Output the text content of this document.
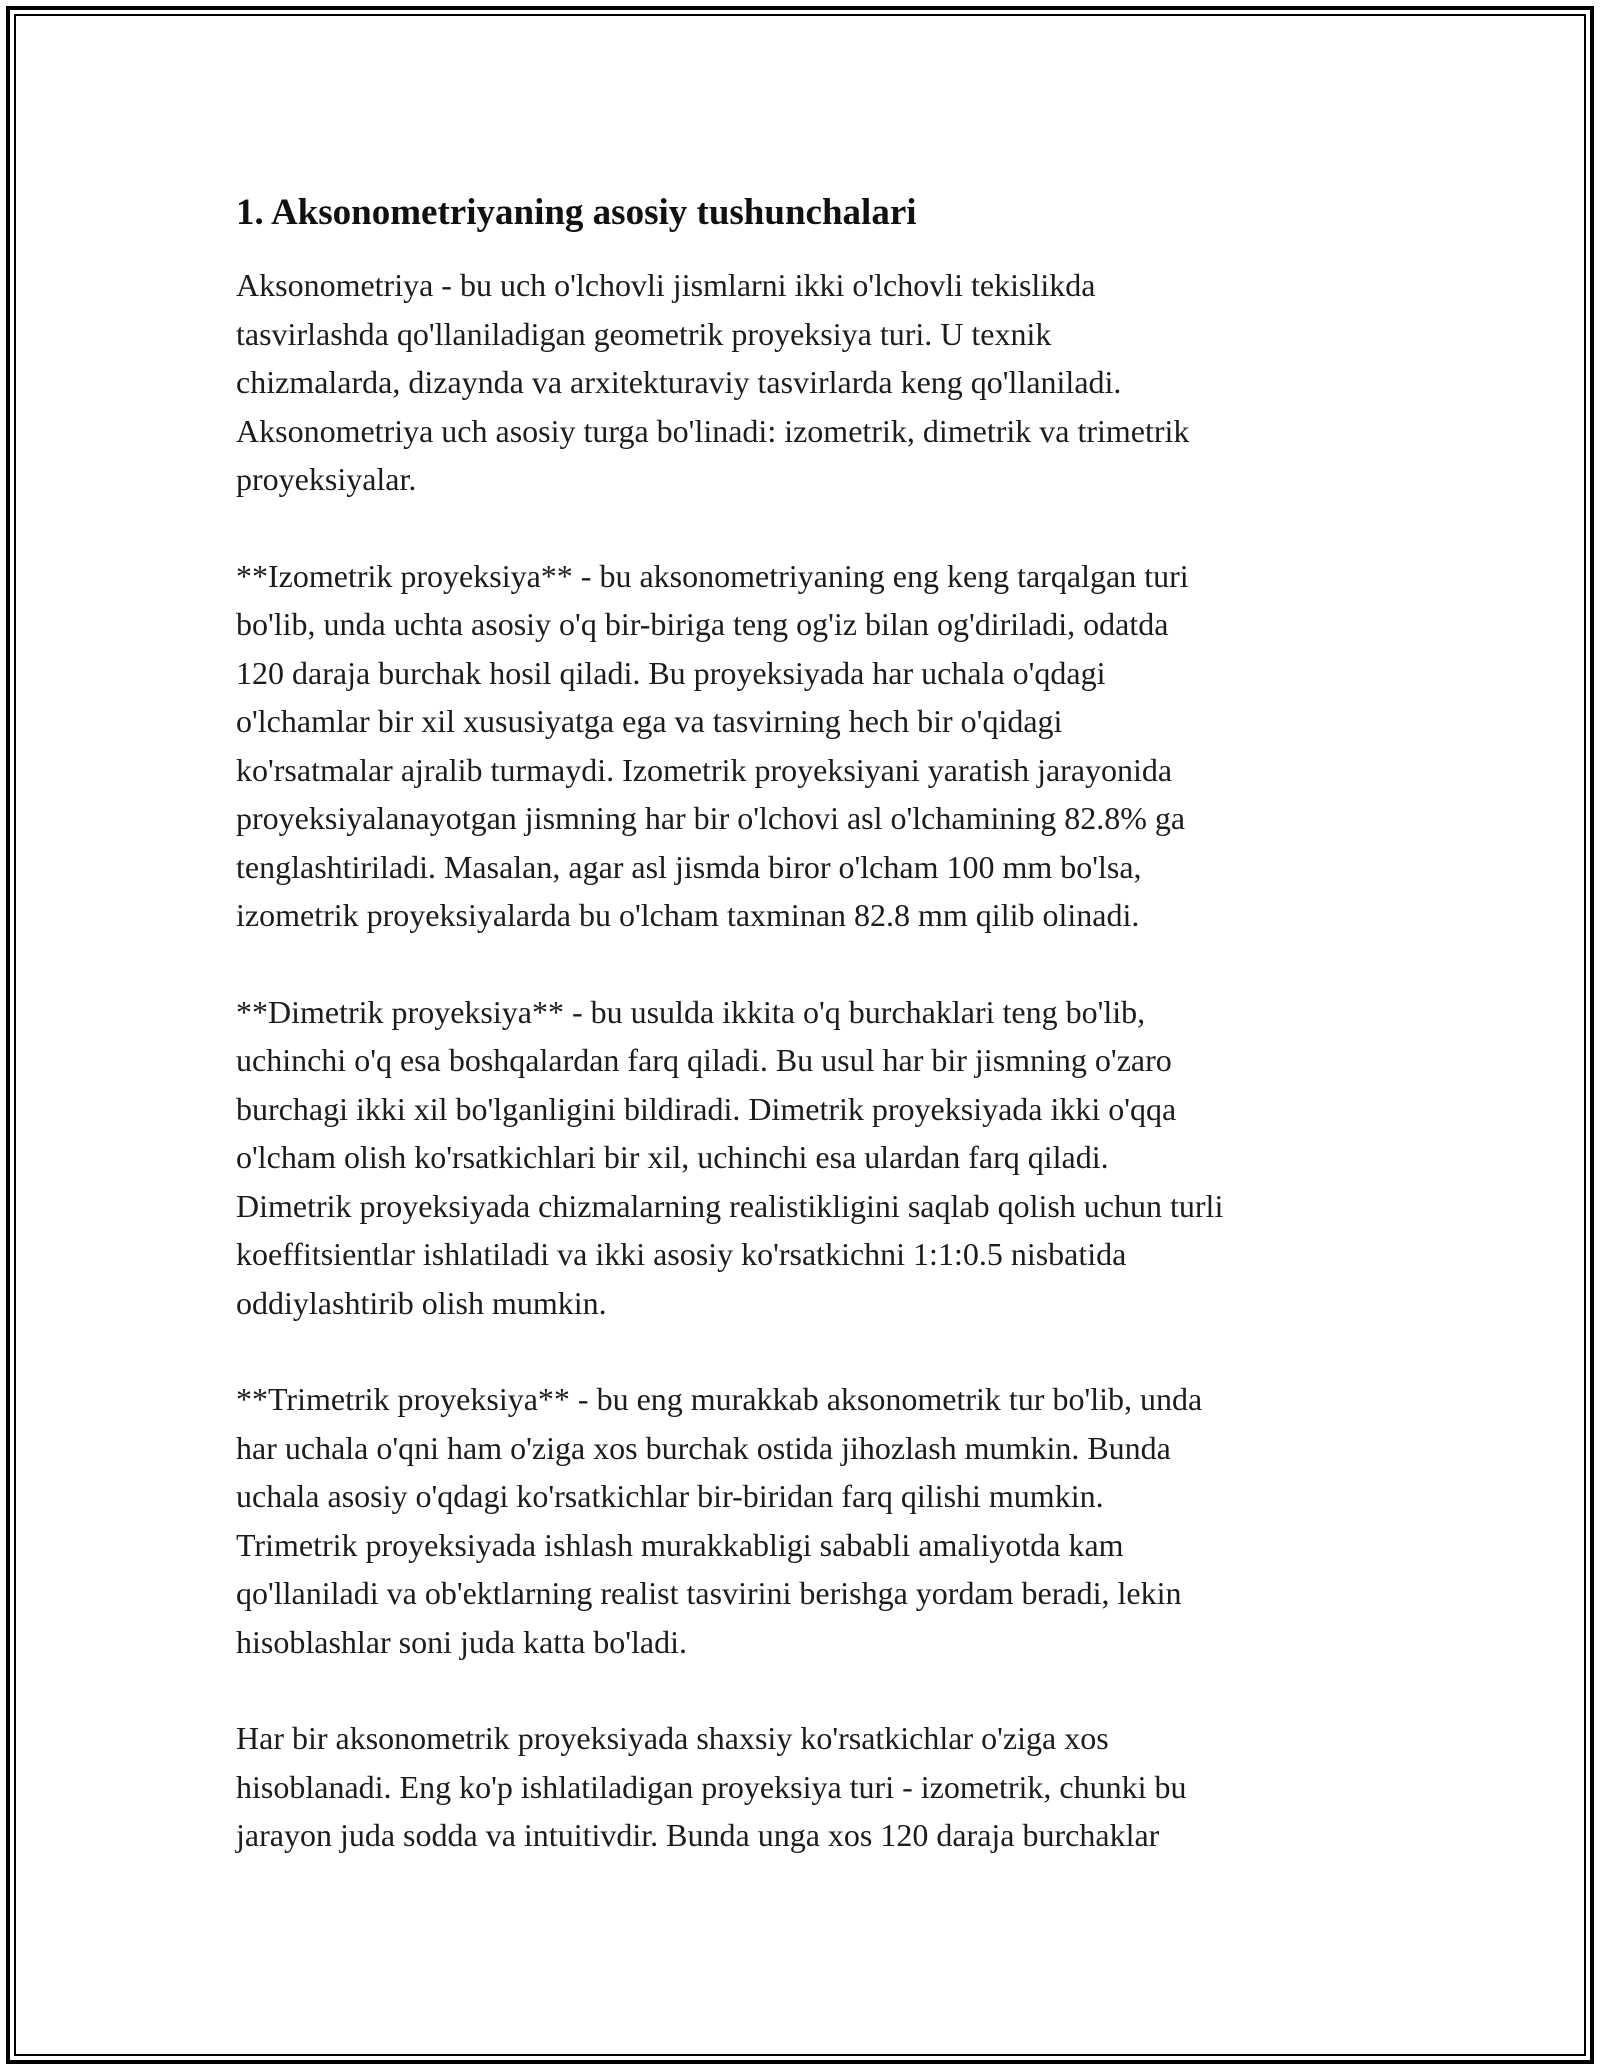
1. Aksonometriyaning asosiy tushunchalari

Aksonometriya - bu uch o'lchovli jismlarni ikki o'lchovli tekislikda
tasvirlashda qo'llaniladigan geometrik proyeksiya turi. U texnik
chizmalarda, dizaynda va arxitekturaviy tasvirlarda keng qo'llaniladi.
Aksonometriya uch asosiy turga bo'linadi: izometrik, dimetrik va trimetrik
proyeksiyalar.

**Izometrik proyeksiya** - bu aksonometriyaning eng keng tarqalgan turi
bo'lib, unda uchta asosiy o'q bir-biriga teng og'iz bilan og'diriladi, odatda
120 daraja burchak hosil qiladi. Bu proyeksiyada har uchala o'qdagi
o'lchamlar bir xil xususiyatga ega va tasvirning hech bir o'qidagi
ko'rsatmalar ajralib turmaydi. Izometrik proyeksiyani yaratish jarayonida
proyeksiyalanayotgan jismning har bir o'lchovi asl o'lchamining 82.8% ga
tenglashtiriladi. Masalan, agar asl jismda biror o'lcham 100 mm bo'lsa,
izometrik proyeksiyalarda bu o'lcham taxminan 82.8 mm qilib olinadi.

**Dimetrik proyeksiya** - bu usulda ikkita o'q burchaklari teng bo'lib,
uchinchi o'q esa boshqalardan farq qiladi. Bu usul har bir jismning o'zaro
burchagi ikki xil bo'lganligini bildiradi. Dimetrik proyeksiyada ikki o'qqa
o'lcham olish ko'rsatkichlari bir xil, uchinchi esa ulardan farq qiladi.
Dimetrik proyeksiyada chizmalarning realistikligini saqlab qolish uchun turli
koeffitsientlar ishlatiladi va ikki asosiy ko'rsatkichni 1:1:0.5 nisbatida
oddiylashtirib olish mumkin.

**Trimetrik proyeksiya** - bu eng murakkab aksonometrik tur bo'lib, unda
har uchala o'qni ham o'ziga xos burchak ostida jihozlash mumkin. Bunda
uchala asosiy o'qdagi ko'rsatkichlar bir-biridan farq qilishi mumkin.
Trimetrik proyeksiyada ishlash murakkabligi sababli amaliyotda kam
qo'llaniladi va ob'ektlarning realist tasvirini berishga yordam beradi, lekin
hisoblashlar soni juda katta bo'ladi.

Har bir aksonometrik proyeksiyada shaxsiy ko'rsatkichlar o'ziga xos
hisoblanadi. Eng ko'p ishlatiladigan proyeksiya turi - izometrik, chunki bu
jarayon juda sodda va intuitivdir. Bunda unga xos 120 daraja burchaklar
